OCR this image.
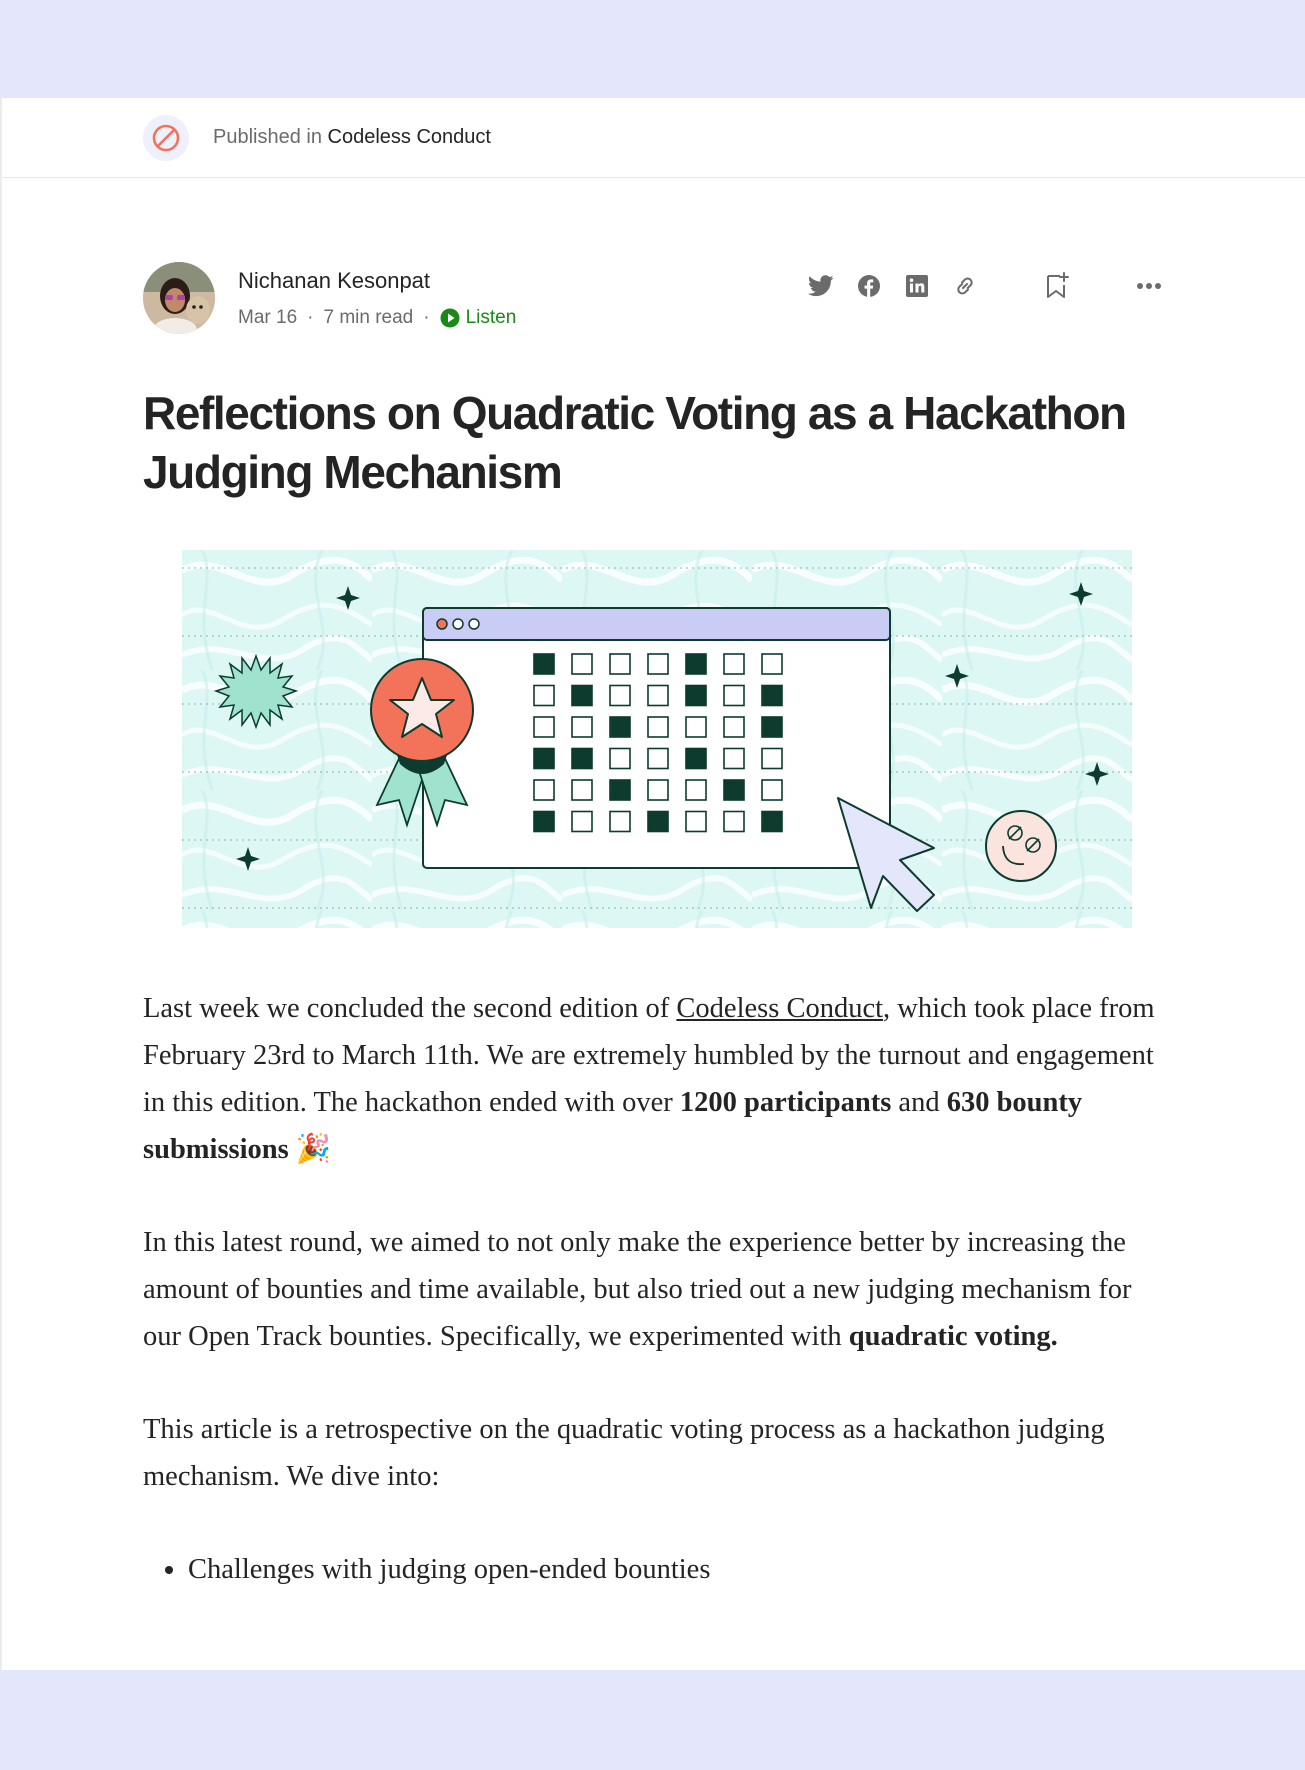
Published in Codeless Conduct
Nichanan Kesonpat
Mar 16 · 7 min read · Listen
Reflections on Quadratic Voting as a Hackathon Judging Mechanism

Last week we concluded the second edition of Codeless Conduct, which took place from February 23rd to March 11th. We are extremely humbled by the turnout and engagement in this edition. The hackathon ended with over 1200 participants and 630 bounty submissions 🎉

In this latest round, we aimed to not only make the experience better by increasing the amount of bounties and time available, but also tried out a new judging mechanism for our Open Track bounties. Specifically, we experimented with quadratic voting.

This article is a retrospective on the quadratic voting process as a hackathon judging mechanism. We dive into:

• Challenges with judging open-ended bounties
